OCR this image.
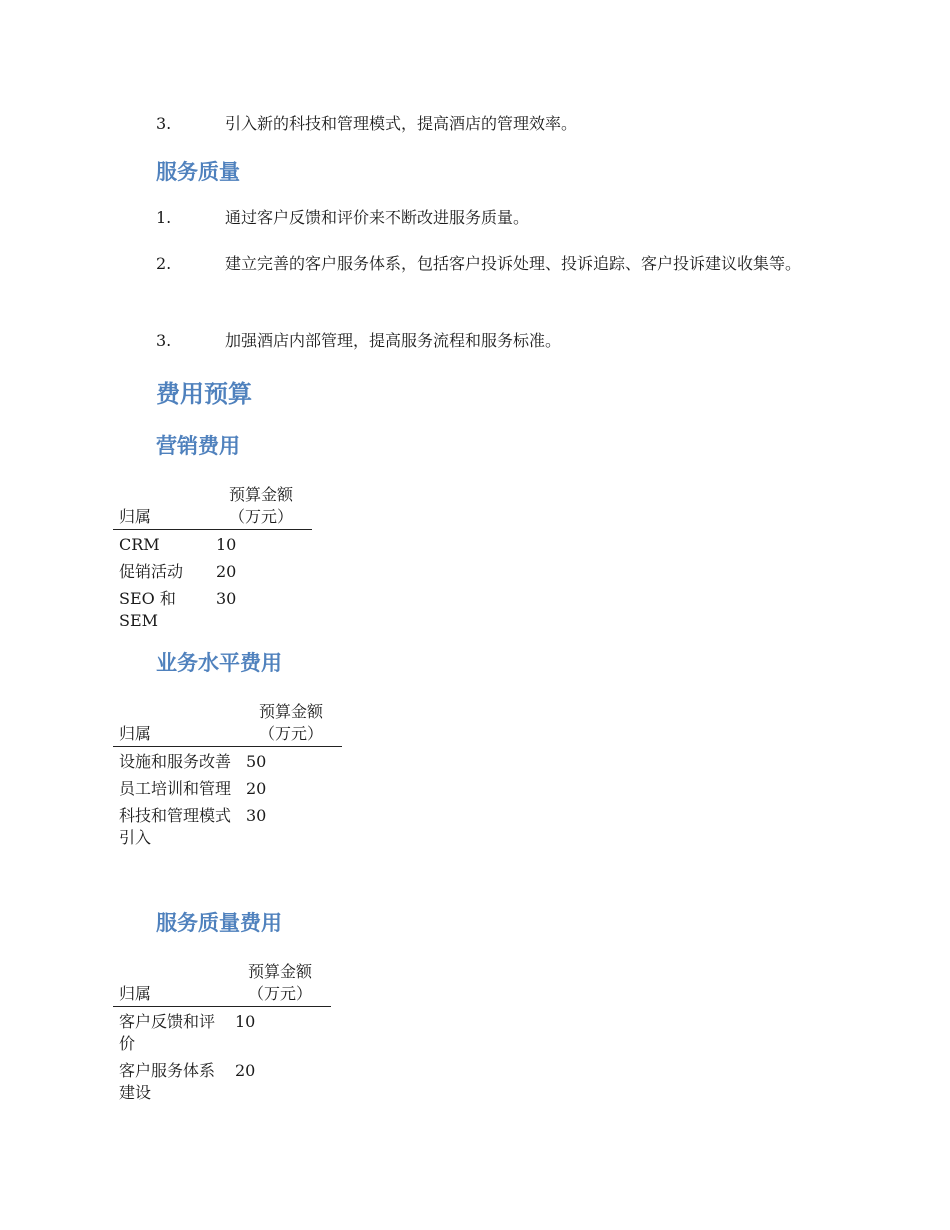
3.	引入新的科技和管理模式，提高酒店的管理效率。
服务质量
1.	通过客户反馈和评价来不断改进服务质量。
2.	建立完善的客户服务体系，包括客户投诉处理、投诉追踪、客户投诉建议收集等。
3.	加强酒店内部管理，提高服务流程和服务标准。
费用预算
营销费用
归属	预算金额（万元）
CRM	10
促销活动	20
SEO 和 SEM	30
业务水平费用
归属	预算金额（万元）
设施和服务改善	50
员工培训和管理	20
科技和管理模式引入	30
服务质量费用
归属	预算金额（万元）
客户反馈和评价	10
客户服务体系建设	20
